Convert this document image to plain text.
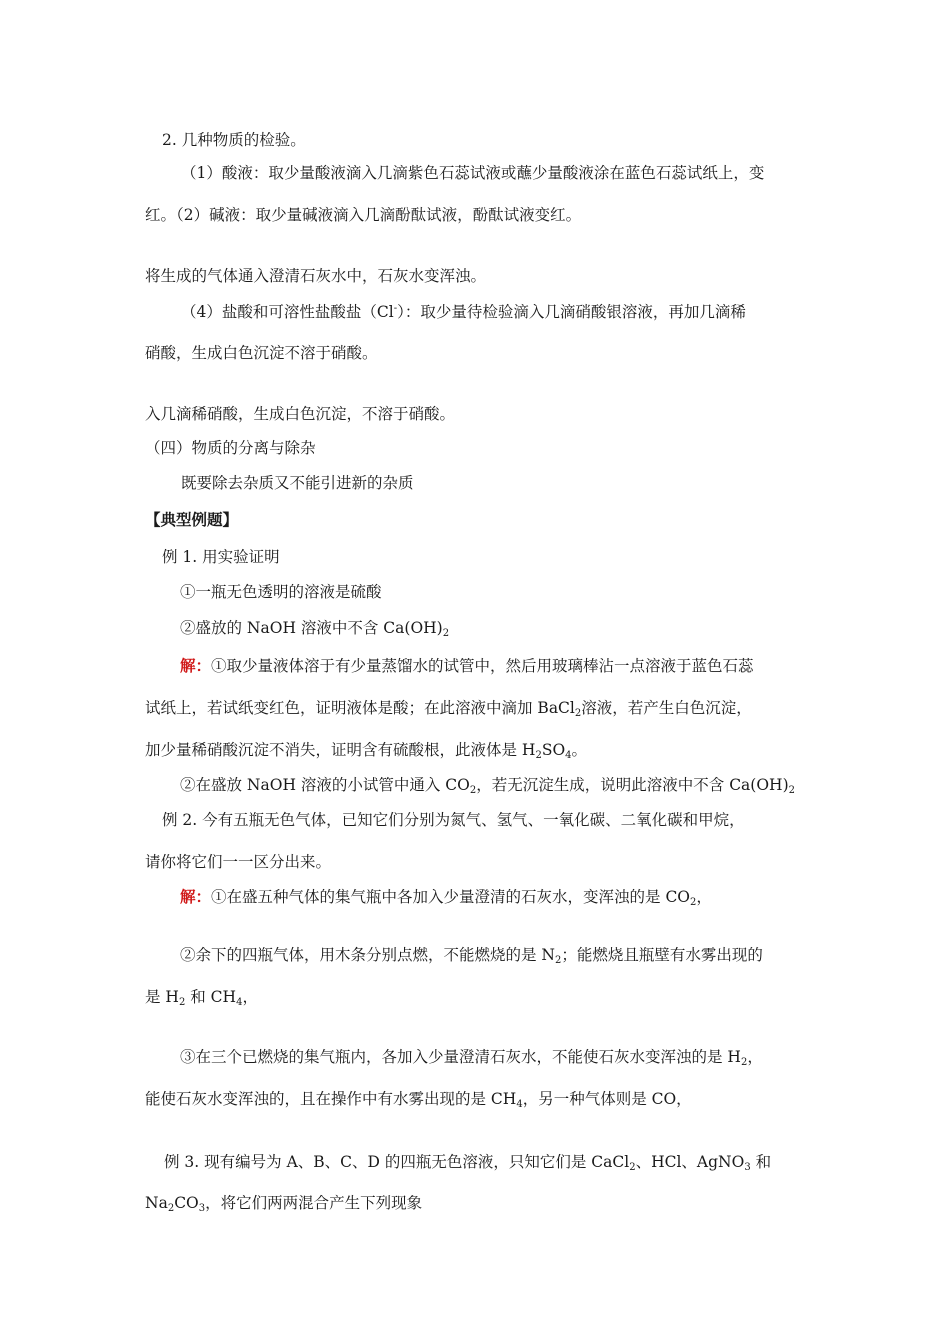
2. 几种物质的检验。
（1）酸液：取少量酸液滴入几滴紫色石蕊试液或蘸少量酸液涂在蓝色石蕊试纸上，变
红。（2）碱液：取少量碱液滴入几滴酚酞试液，酚酞试液变红。
将生成的气体通入澄清石灰水中，石灰水变浑浊。
（4）盐酸和可溶性盐酸盐（Cl-）：取少量待检验滴入几滴硝酸银溶液，再加几滴稀
硝酸，生成白色沉淀不溶于硝酸。
入几滴稀硝酸，生成白色沉淀，不溶于硝酸。
（四）物质的分离与除杂
既要除去杂质又不能引进新的杂质
【典型例题】
例 1. 用实验证明
①一瓶无色透明的溶液是硫酸
②盛放的 NaOH 溶液中不含 $Ca(OH)_2$
解：①取少量液体溶于有少量蒸馏水的试管中，然后用玻璃棒沾一点溶液于蓝色石蕊
试纸上，若试纸变红色，证明液体是酸；在此溶液中滴加 BaCl$_2$溶液，若产生白色沉淀，
加少量稀硝酸沉淀不消失，证明含有硫酸根，此液体是 $H_2SO_4$。
②在盛放 NaOH 溶液的小试管中通入 $CO_2$，若无沉淀生成，说明此溶液中不含 $Ca(OH)_2$
例 2. 今有五瓶无色气体，已知它们分别为氮气、氢气、一氧化碳、二氧化碳和甲烷，
请你将它们一一区分出来。
解：①在盛五种气体的集气瓶中各加入少量澄清的石灰水，变浑浊的是 $CO_2$，
②余下的四瓶气体，用木条分别点燃，不能燃烧的是 $N_2$；能燃烧且瓶壁有水雾出现的
是 $H_2$ 和 $CH_4$，
③在三个已燃烧的集气瓶内，各加入少量澄清石灰水，不能使石灰水变浑浊的是 $H_2$，
能使石灰水变浑浊的，且在操作中有水雾出现的是 $CH_4$，另一种气体则是 CO，
例 3. 现有编号为 A、B、C、D 的四瓶无色溶液，只知它们是 CaCl$_2$、HCl、AgNO$_3$ 和
$Na_2CO_3$，将它们两两混合产生下列现象
